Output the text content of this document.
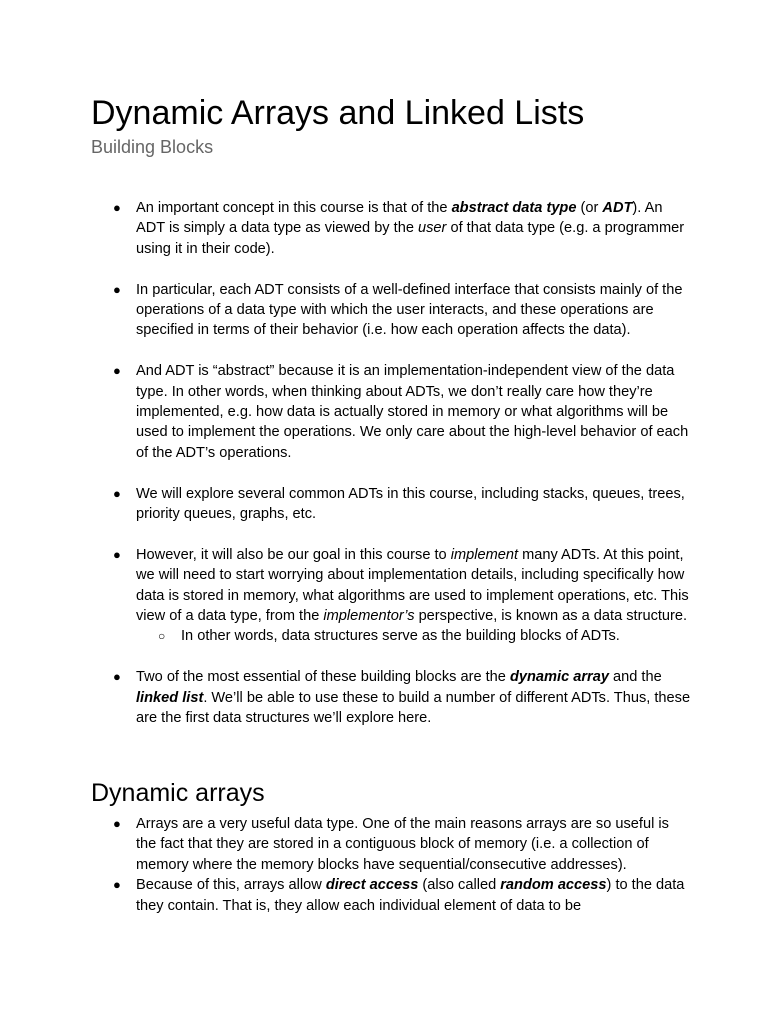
Dynamic Arrays and Linked Lists
Building Blocks
● An important concept in this course is that of the abstract data type (or ADT). An ADT is simply a data type as viewed by the user of that data type (e.g. a programmer using it in their code).
● In particular, each ADT consists of a well-defined interface that consists mainly of the operations of a data type with which the user interacts, and these operations are specified in terms of their behavior (i.e. how each operation affects the data).
● And ADT is “abstract” because it is an implementation-independent view of the data type. In other words, when thinking about ADTs, we don’t really care how they’re implemented, e.g. how data is actually stored in memory or what algorithms will be used to implement the operations. We only care about the high-level behavior of each of the ADT’s operations.
● We will explore several common ADTs in this course, including stacks, queues, trees, priority queues, graphs, etc.
● However, it will also be our goal in this course to implement many ADTs. At this point, we will need to start worrying about implementation details, including specifically how data is stored in memory, what algorithms are used to implement operations, etc. This view of a data type, from the implementor’s perspective, is known as a data structure.
○ In other words, data structures serve as the building blocks of ADTs.
● Two of the most essential of these building blocks are the dynamic array and the linked list. We’ll be able to use these to build a number of different ADTs. Thus, these are the first data structures we’ll explore here.
Dynamic arrays
● Arrays are a very useful data type. One of the main reasons arrays are so useful is the fact that they are stored in a contiguous block of memory (i.e. a collection of memory where the memory blocks have sequential/consecutive addresses).
● Because of this, arrays allow direct access (also called random access) to the data they contain. That is, they allow each individual element of data to be
